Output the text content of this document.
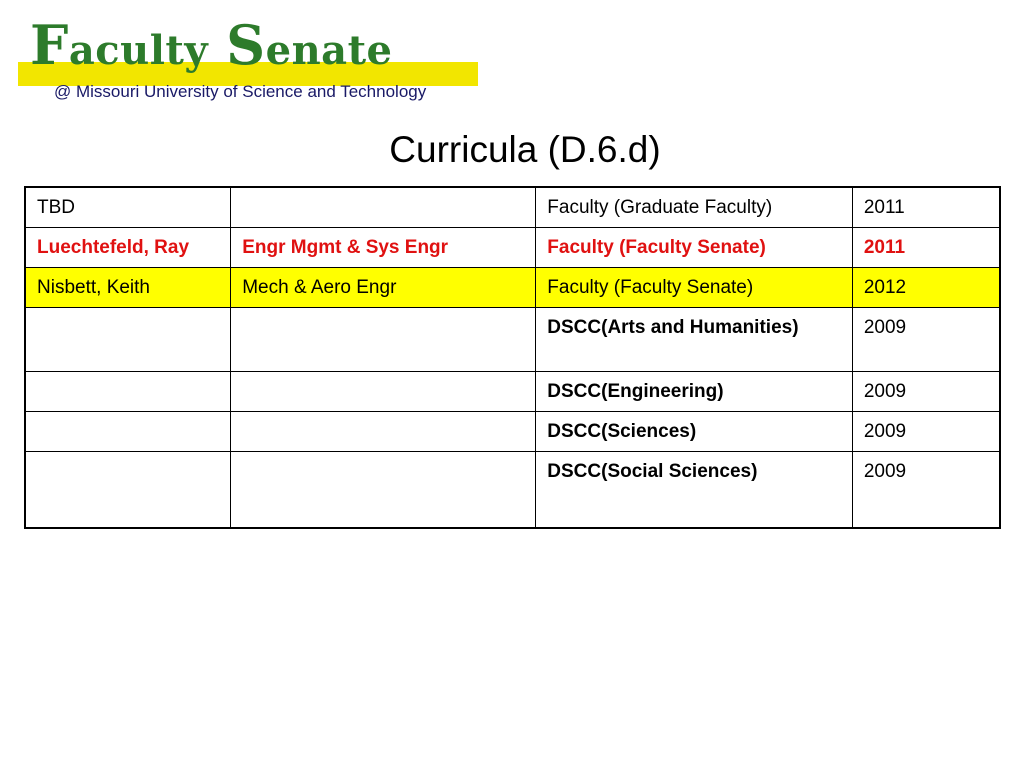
Faculty Senate
@ Missouri University of Science and Technology
Curricula (D.6.d)
TBD		Faculty (Graduate Faculty)	2011
Luechtefeld, Ray	Engr Mgmt & Sys Engr	Faculty (Faculty Senate)	2011
Nisbett, Keith	Mech & Aero Engr	Faculty (Faculty Senate)	2012
		DSCC(Arts and Humanities)	2009
		DSCC(Engineering)	2009
		DSCC(Sciences)	2009
		DSCC(Social Sciences)	2009
